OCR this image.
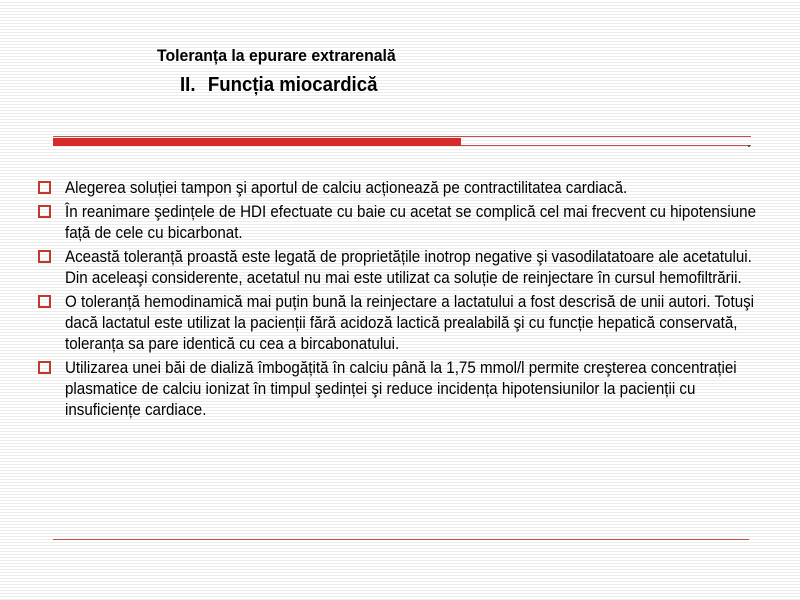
Toleranța la epurare extrarenală
II. Funcția miocardică
Alegerea soluției tampon şi aportul de calciu acționează pe contractilitatea cardiacă.
În reanimare şedințele de HDI efectuate cu baie cu acetat se complică cel mai frecvent cu hipotensiune față de cele cu bicarbonat.
Această toleranță proastă este legată de proprietățile inotrop negative şi vasodilatatoare ale acetatului. Din aceleaşi considerente, acetatul nu mai este utilizat ca soluție de reinjectare în cursul hemofiltrării.
O toleranță hemodinamică mai puțin bună la reinjectare a lactatului a fost descrisă de unii autori. Totuşi dacă lactatul este utilizat la pacienții fără acidoză lactică prealabilă şi cu funcție hepatică conservată, toleranța sa pare identică cu cea a bircabonatului.
Utilizarea unei băi de dializă îmbogățită în calciu până la 1,75 mmol/l permite creşterea concentrației plasmatice de calciu ionizat în timpul şedinței şi reduce incidența hipotensiunilor la pacienții cu insuficiențe cardiace.
